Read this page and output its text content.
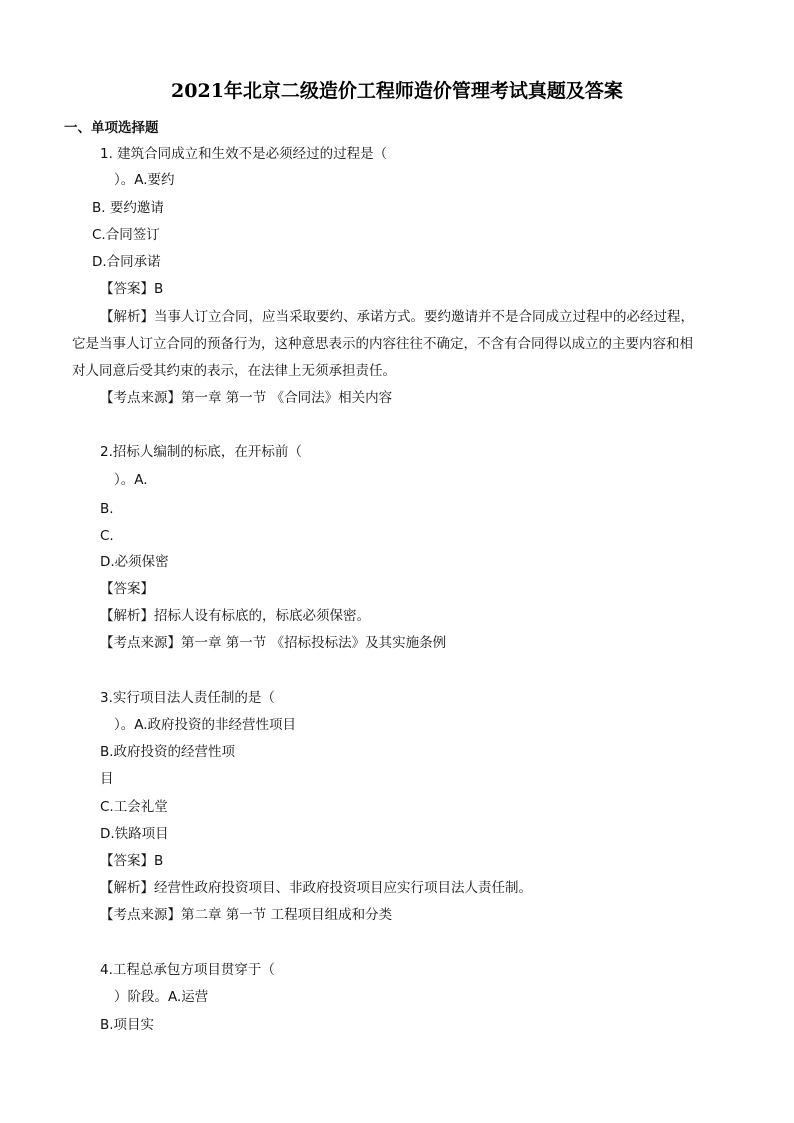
2021年北京二级造价工程师造价管理考试真题及答案
一、单项选择题
1. 建筑合同成立和生效不是必须经过的过程是（
）。A.要约
B. 要约邀请
C.合同签订
D.合同承诺
【答案】B
【解析】当事人订立合同，应当采取要约、承诺方式。要约邀请并不是合同成立过程中的必经过程，
它是当事人订立合同的预备行为，这种意思表示的内容往往不确定，不含有合同得以成立的主要内容和相
对人同意后受其约束的表示，在法律上无须承担责任。
【考点来源】第一章 第一节 《合同法》相关内容
2.招标人编制的标底，在开标前（
）。A.
B.
C.
D.必须保密
【答案】
【解析】招标人设有标底的，标底必须保密。
【考点来源】第一章 第一节 《招标投标法》及其实施条例
3.实行项目法人责任制的是（
）。A.政府投资的非经营性项目
B.政府投资的经营性项
目
C.工会礼堂
D.铁路项目
【答案】B
【解析】经营性政府投资项目、非政府投资项目应实行项目法人责任制。
【考点来源】第二章 第一节 工程项目组成和分类
4.工程总承包方项目贯穿于（
）阶段。A.运营
B.项目实
